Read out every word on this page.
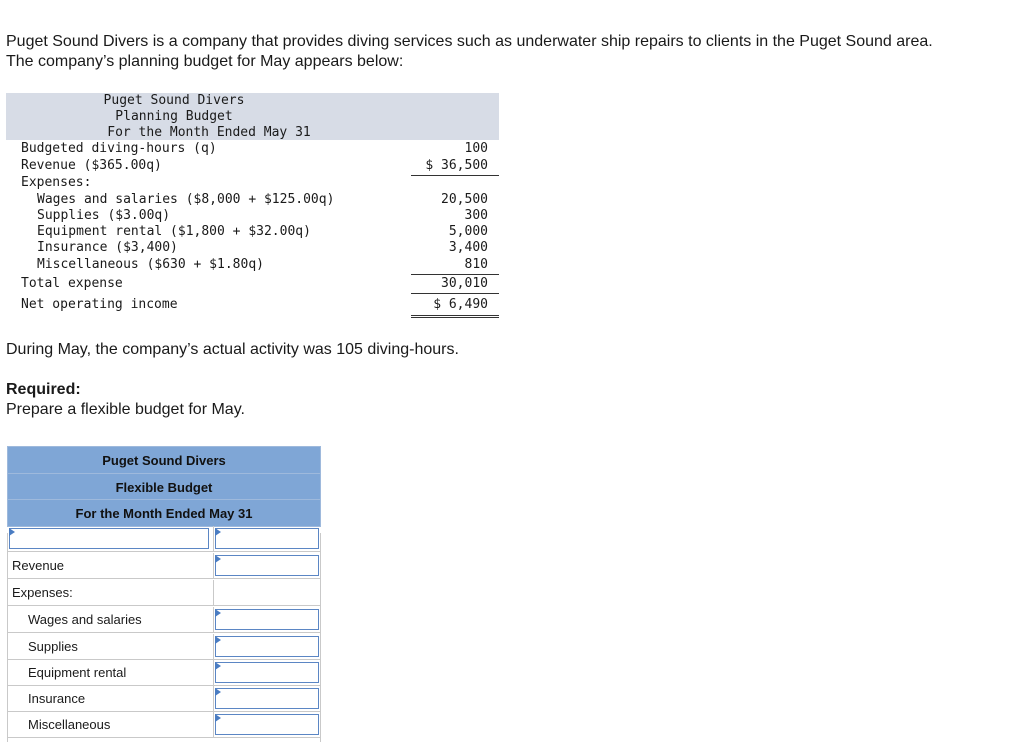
Puget Sound Divers is a company that provides diving services such as underwater ship repairs to clients in the Puget Sound area.
The company’s planning budget for May appears below:

Puget Sound Divers
Planning Budget
For the Month Ended May 31
Budgeted diving-hours (q)	100
Revenue ($365.00q)	$ 36,500
Expenses:
Wages and salaries ($8,000 + $125.00q)	20,500
Supplies ($3.00q)	300
Equipment rental ($1,800 + $32.00q)	5,000
Insurance ($3,400)	3,400
Miscellaneous ($630 + $1.80q)	810
Total expense	30,010
Net operating income	$ 6,490

During May, the company’s actual activity was 105 diving-hours.

Required:

Prepare a flexible budget for May.

Puget Sound Divers
Flexible Budget
For the Month Ended May 31
Revenue
Expenses:
Wages and salaries
Supplies
Equipment rental
Insurance
Miscellaneous
